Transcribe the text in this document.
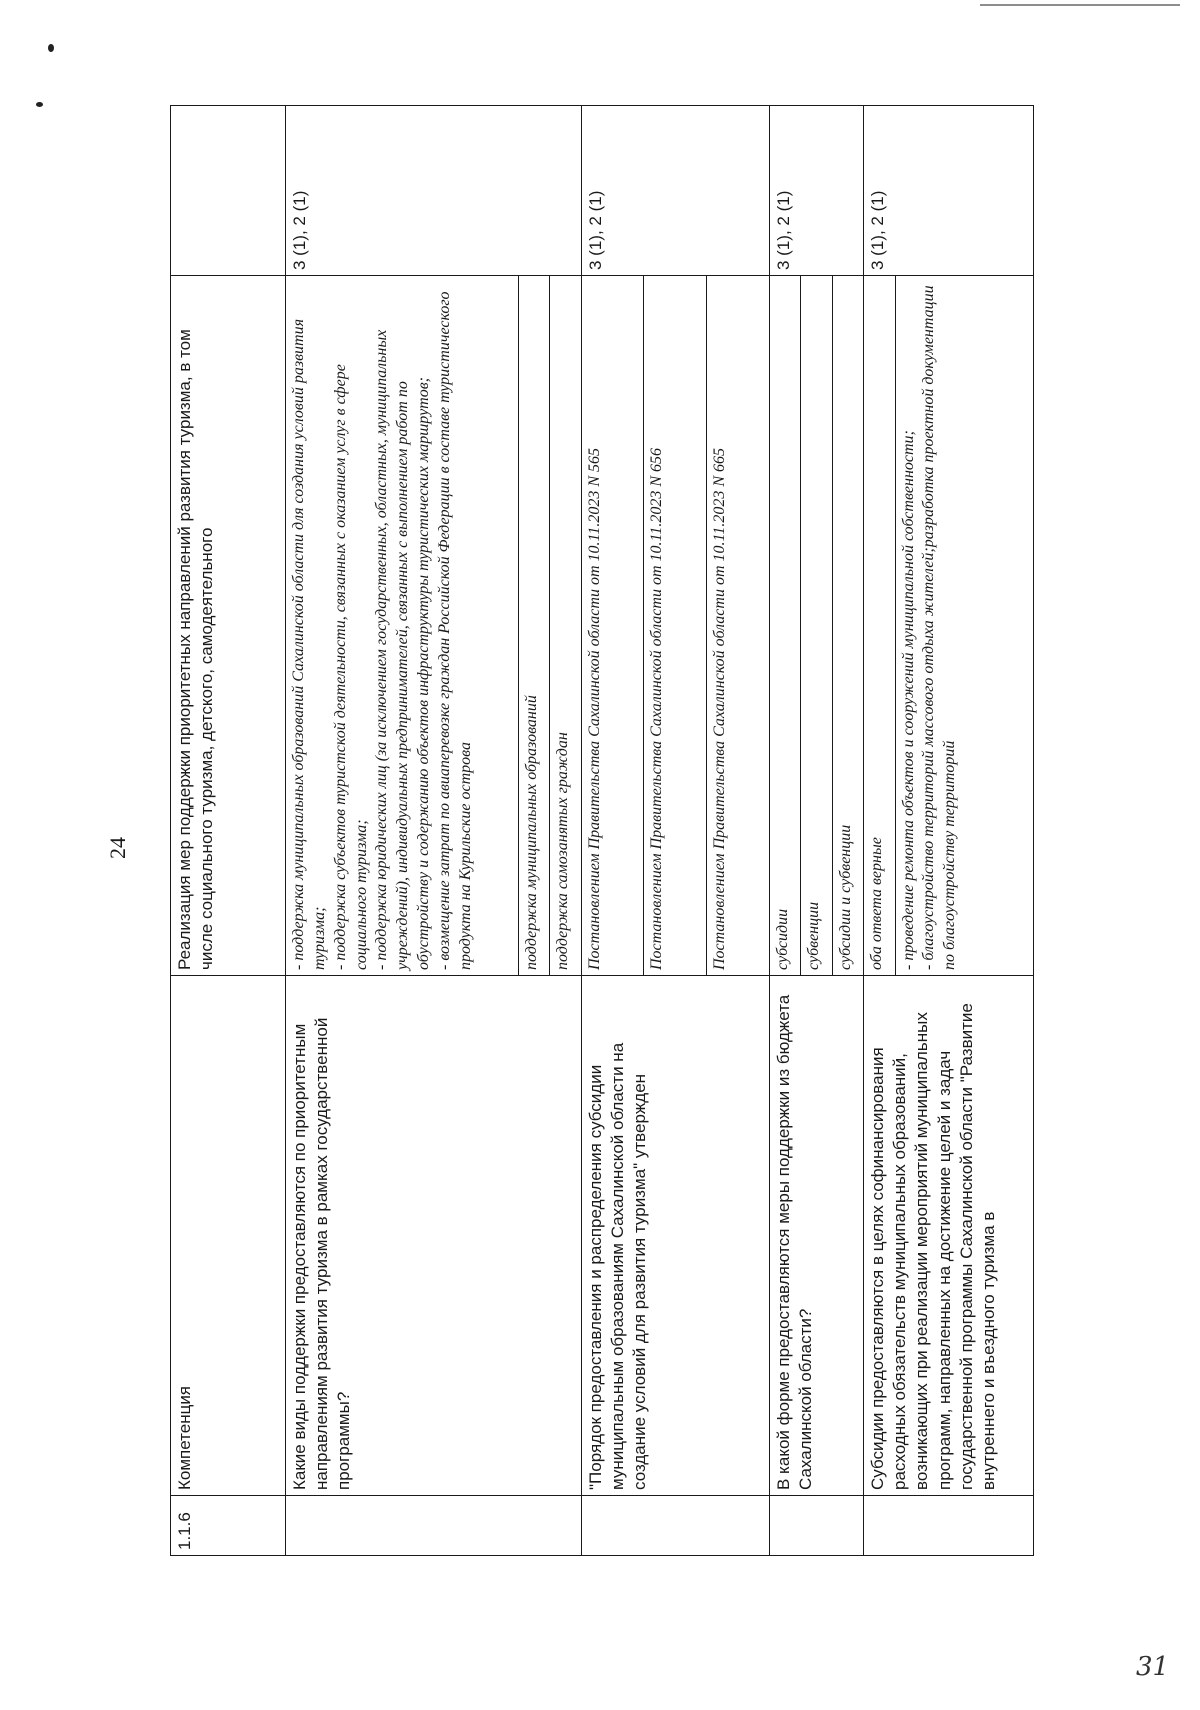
24
31
1.1.6	Компетенция	Реализация мер поддержки приоритетных направлений развития туризма, в том числе социального туризма, детского, самодеятельного	
	Какие виды поддержки предоставляются по приоритетным направлениям развития туризма в рамках государственной программы?	- поддержка муниципальных образований Сахалинской области для создания условий развития туризма; - поддержка субъектов туристской деятельности, связанных с оказанием услуг в сфере социального туризма; - поддержка юридических лиц (за исключением государственных, областных, муниципальных учреждений), индивидуальных предпринимателей, связанных с выполнением работ по обустройству и содержанию объектов инфраструктуры туристических маршрутов; - возмещение затрат по авиаперевозке граждан Российской Федерации в составе туристического продукта на Курильские острова	3 (1), 2 (1)
		поддержка муниципальных образований	
		поддержка самозанятых граждан	
	"Порядок предоставления и распределения субсидии муниципальным образованиям Сахалинской области на создание условий для развития туризма" утвержден	Постановлением Правительства Сахалинской области от 10.11.2023 N 565	3 (1), 2 (1)
		Постановлением Правительства Сахалинской области от 10.11.2023 N 656	
		Постановлением Правительства Сахалинской области от 10.11.2023 N 665	
	В какой форме предоставляются меры поддержки из бюджета Сахалинской области?	субсидии	3 (1), 2 (1)
		субвенции	
		субсидии и субвенции	
	Субсидии предоставляются в целях софинансирования расходных обязательств муниципальных образований, возникающих при реализации мероприятий муниципальных программ, направленных на достижение целей и задач государственной программы Сахалинской области "Развитие внутреннего и въездного туризма в	оба ответа верные	3 (1), 2 (1)

		- проведение ремонта объектов и сооружений муниципальной собственности; - благоустройство территорий массового отдыха жителей;разработка проектной документации по благоустройству территорий	
